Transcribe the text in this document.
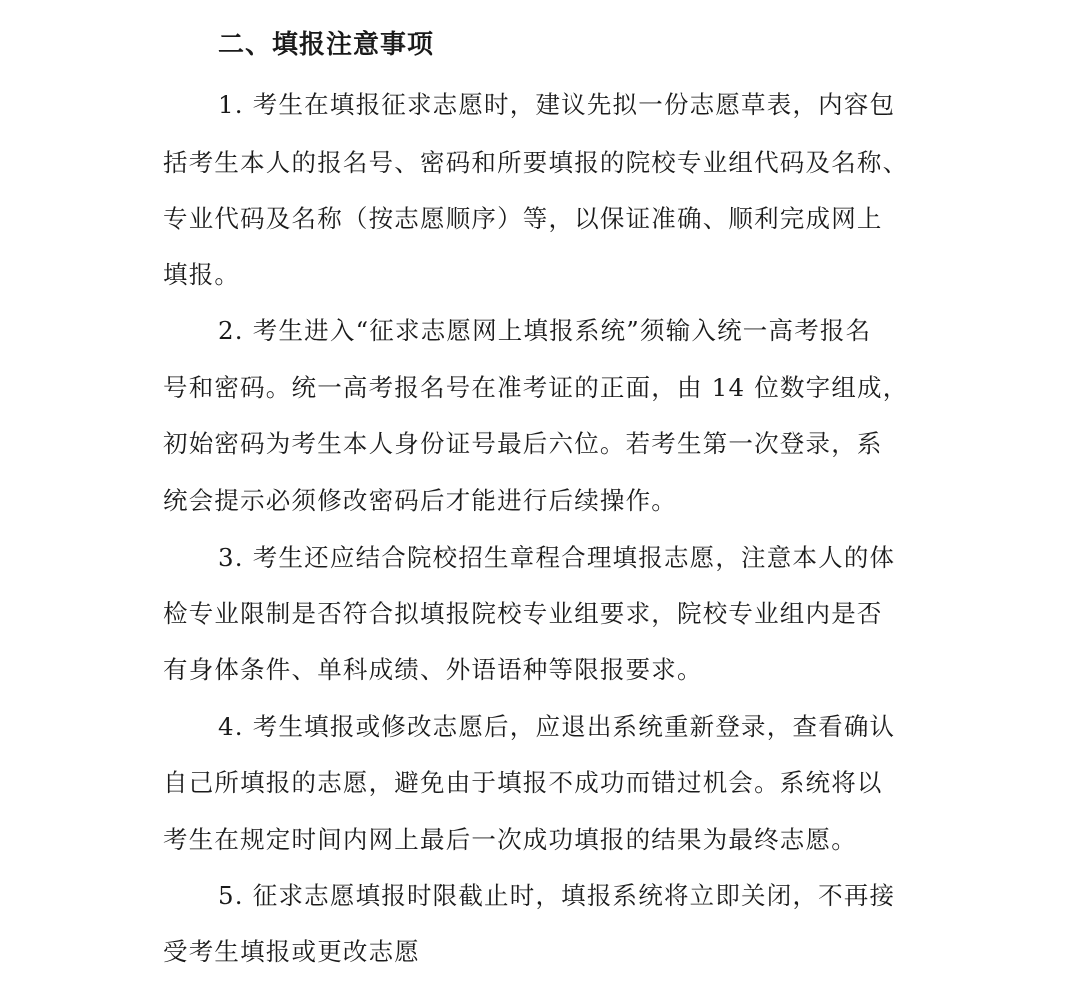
二、填报注意事项
1. 考生在填报征求志愿时，建议先拟一份志愿草表，内容包
括考生本人的报名号、密码和所要填报的院校专业组代码及名称、
专业代码及名称（按志愿顺序）等，以保证准确、顺利完成网上
填报。
2. 考生进入“征求志愿网上填报系统”须输入统一高考报名
号和密码。统一高考报名号在准考证的正面，由 14 位数字组成，
初始密码为考生本人身份证号最后六位。若考生第一次登录，系
统会提示必须修改密码后才能进行后续操作。
3. 考生还应结合院校招生章程合理填报志愿，注意本人的体
检专业限制是否符合拟填报院校专业组要求，院校专业组内是否
有身体条件、单科成绩、外语语种等限报要求。
4. 考生填报或修改志愿后，应退出系统重新登录，查看确认
自己所填报的志愿，避免由于填报不成功而错过机会。系统将以
考生在规定时间内网上最后一次成功填报的结果为最终志愿。
5. 征求志愿填报时限截止时，填报系统将立即关闭，不再接
受考生填报或更改志愿
